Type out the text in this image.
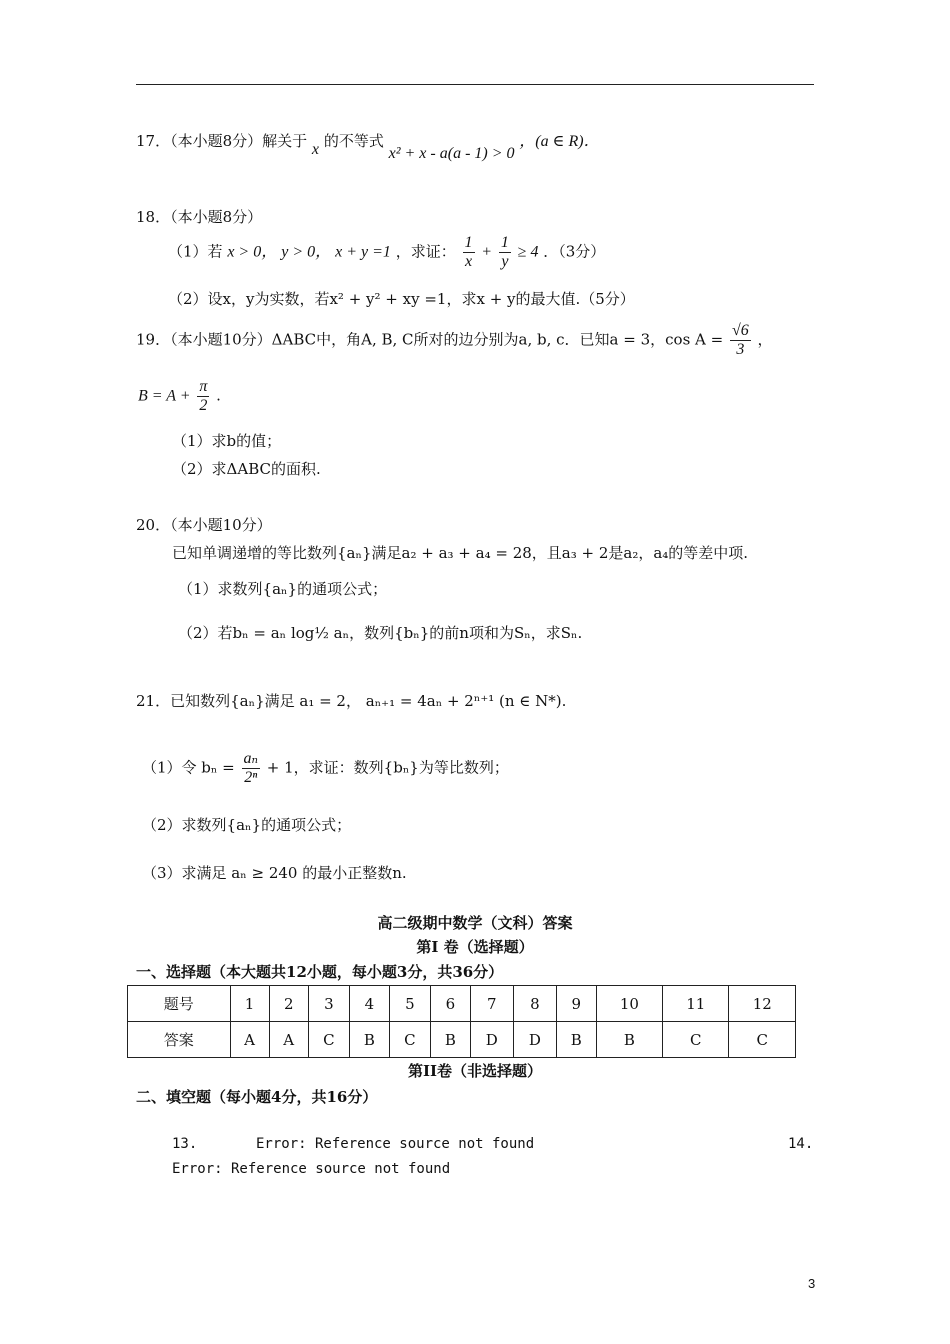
17．（本小题8分）解关于 x 的不等式 x² + x - a(a - 1) > 0 ，(a ∈ R)．
18．（本小题8分）
（1）若 x > 0， y > 0， x + y =1 ，求证： $\frac{1}{x} + \frac{1}{y} \ge 4$ ．（3分）
（2）设x，y为实数，若x² + y² + xy =1，求x + y的最大值.（5分）
19．（本小题10分）ΔABC中，角A, B, C所对的边分别为a, b, c．已知a = 3，$\cos A = \frac{√6}{3}$ ，
$B = A + \frac{\pi}{2}$ .
（1）求b的值；
（2）求ΔABC的面积.
20．（本小题10分）
已知单调递增的等比数列{aₙ}满足a₂ + a₃ + a₄ = 28，且a₃ + 2是a₂，a₄的等差中项.
（1）求数列{aₙ}的通项公式；
（2）若bₙ = aₙ log½ aₙ，数列{bₙ}的前n项和为Sₙ，求Sₙ.
21．已知数列{aₙ}满足 a₁ = 2， aₙ₊₁ = 4aₙ + 2ⁿ⁺¹ (n ∈ N*).
（1）令 $b_n = \frac{\text{aₙ}}{\text{2ⁿ}} + 1$，求证：数列{bₙ}为等比数列；
（2）求数列{aₙ}的通项公式；
（3）求满足 aₙ ≥ 240 的最小正整数n.
高二级期中数学（文科）答案
第I 卷（选择题）
一、选择题（本大题共12小题，每小题3分，共36分）
题号	1	2	3	4	5	6	7	8	9	10	11	12
答案	A	A	C	B	C	B	D	D	B	B	C	C
第II卷（非选择题）
二、填空题（每小题4分，共16分）
13.	Error: Reference source not found	14.
Error: Reference source not found
3
